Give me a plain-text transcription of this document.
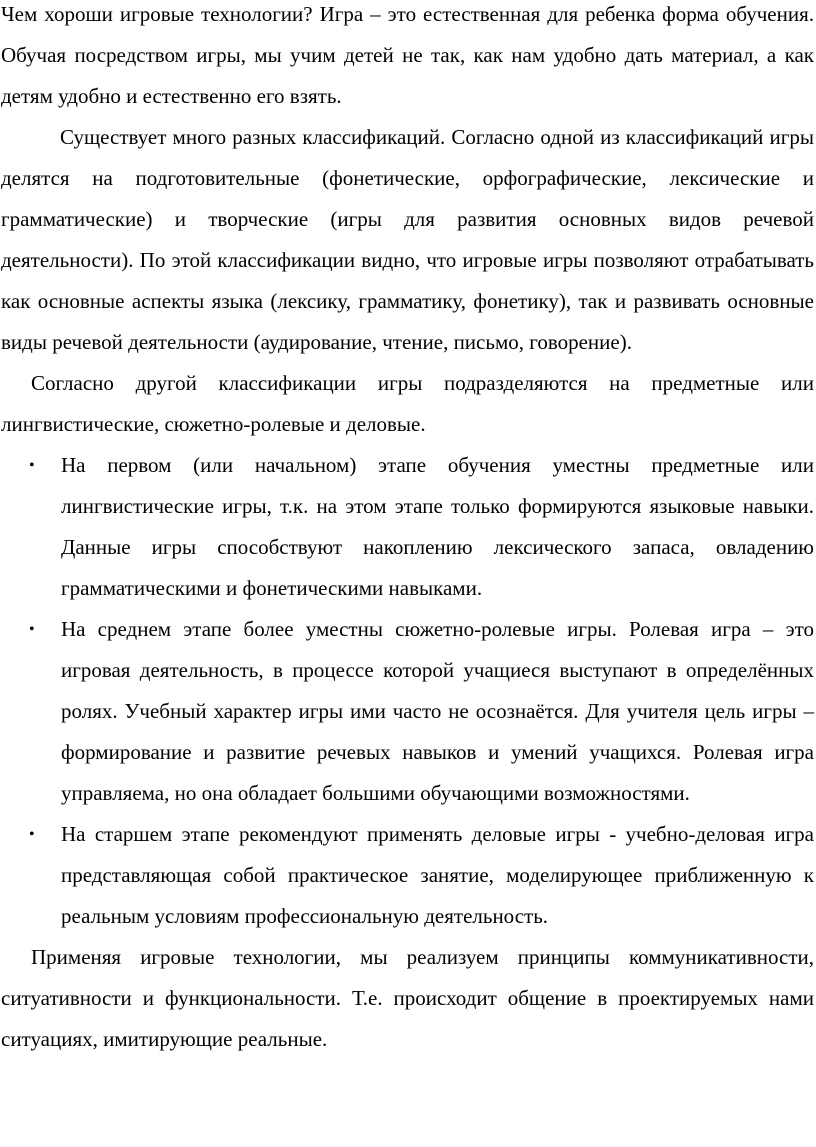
Чем хороши игровые технологии? Игра – это естественная для ребенка форма обучения. Обучая посредством игры, мы учим детей не так, как нам удобно дать материал, а как детям удобно и естественно его взять.

Существует много разных классификаций. Согласно одной из классификаций игры делятся на подготовительные (фонетические, орфографические, лексические и грамматические) и творческие (игры для развития основных видов речевой деятельности). По этой классификации видно, что игровые игры позволяют отрабатывать как основные аспекты языка (лексику, грамматику, фонетику), так и развивать основные виды речевой деятельности (аудирование, чтение, письмо, говорение).

Согласно другой классификации игры подразделяются на предметные или лингвистические, сюжетно-ролевые и деловые.

• На первом (или начальном) этапе обучения уместны предметные или лингвистические игры, т.к. на этом этапе только формируются языковые навыки. Данные игры способствуют накоплению лексического запаса, овладению грамматическими и фонетическими навыками.
• На среднем этапе более уместны сюжетно-ролевые игры. Ролевая игра – это игровая деятельность, в процессе которой учащиеся выступают в определённых ролях. Учебный характер игры ими часто не осознаётся. Для учителя цель игры – формирование и развитие речевых навыков и умений учащихся. Ролевая игра управляема, но она обладает большими обучающими возможностями.
• На старшем этапе рекомендуют применять деловые игры - учебно-деловая игра представляющая собой практическое занятие, моделирующее приближенную к реальным условиям профессиональную деятельность.

Применяя игровые технологии, мы реализуем принципы коммуникативности, ситуативности и функциональности. Т.е. происходит общение в проектируемых нами ситуациях, имитирующие реальные.
